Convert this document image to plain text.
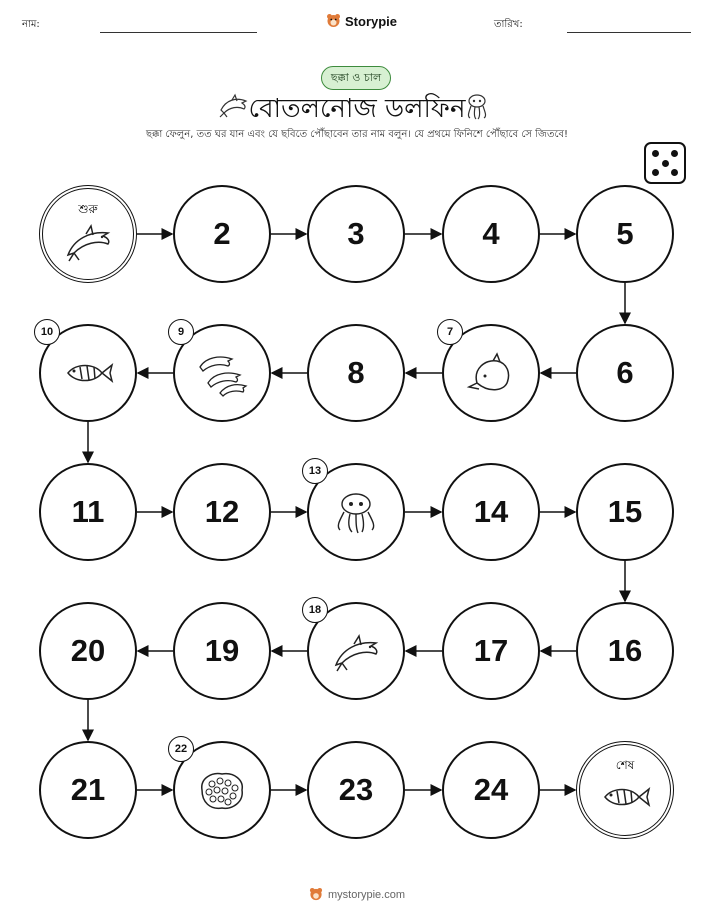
নাম:	Storypie	তারিখ:
ছক্কা ও চাল
বোতলনোজ ডলফিন
ছক্কা ফেলুন, তত ঘর যান এবং যে ছবিতে পৌঁছাবেন তার নাম বলুন। যে প্রথমে ফিনিশে পৌঁছাবে সে জিতবে!
শুরু
2	3	4	5
6
7
8
9
10
11	12
13
14	15
16
17
18
19
20
21
22
23	24
শেষ
mystorypie.com
